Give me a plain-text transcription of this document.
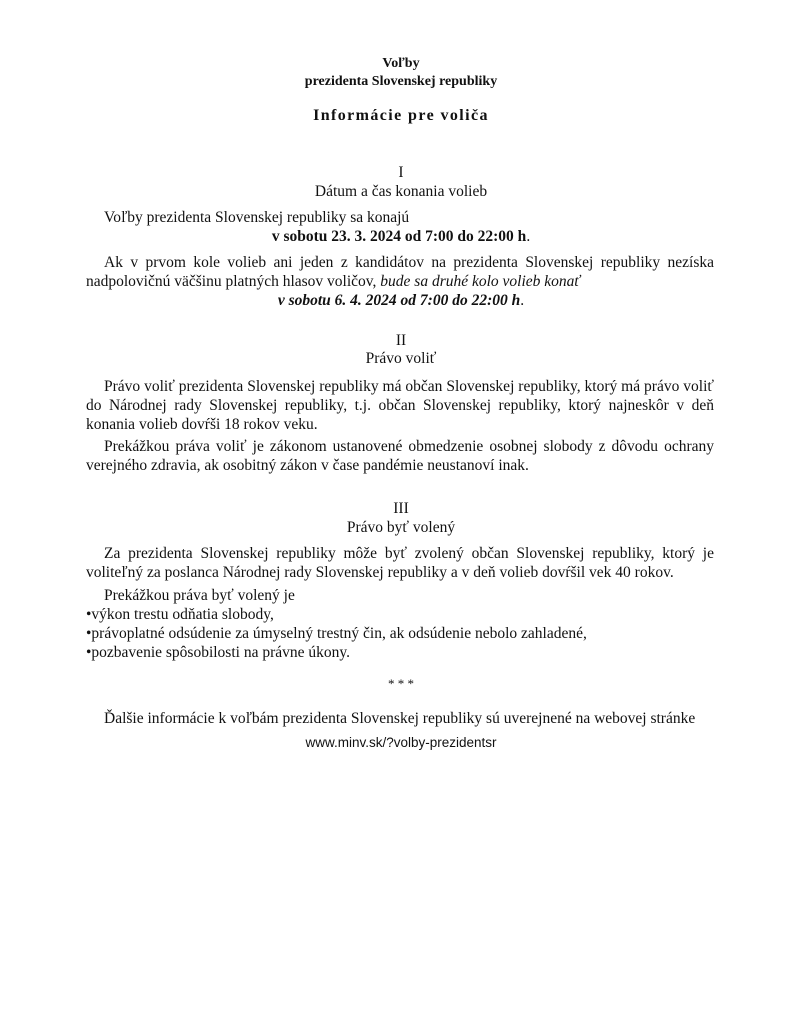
Voľby
prezidenta Slovenskej republiky
Informácie pre voliča
I
Dátum a čas konania volieb
Voľby prezidenta Slovenskej republiky sa konajú
v sobotu 23. 3. 2024 od 7:00 do 22:00 h.
Ak v prvom kole volieb ani jeden z kandidátov na prezidenta Slovenskej republiky nezíska nadpolovičnú väčšinu platných hlasov voličov, bude sa druhé kolo volieb konať
v sobotu 6. 4. 2024 od 7:00 do 22:00 h.
II
Právo voliť
Právo voliť prezidenta Slovenskej republiky má občan Slovenskej republiky, ktorý má právo voliť do Národnej rady Slovenskej republiky, t.j. občan Slovenskej republiky, ktorý najneskôr v deň konania volieb dovŕši 18 rokov veku.
Prekážkou práva voliť je zákonom ustanovené obmedzenie osobnej slobody z dôvodu ochrany verejného zdravia, ak osobitný zákon v čase pandémie neustanoví inak.
III
Právo byť volený
Za prezidenta Slovenskej republiky môže byť zvolený občan Slovenskej republiky, ktorý je voliteľný za poslanca Národnej rady Slovenskej republiky a v deň volieb dovŕšil vek 40 rokov.
Prekážkou práva byť volený je
•výkon trestu odňatia slobody,
•právoplatné odsúdenie za úmyselný trestný čin, ak odsúdenie nebolo zahladené,
•pozbavenie spôsobilosti na právne úkony.
* * *
Ďalšie informácie k voľbám prezidenta Slovenskej republiky sú uverejnené na webovej stránke
www.minv.sk/?volby-prezidentsr
